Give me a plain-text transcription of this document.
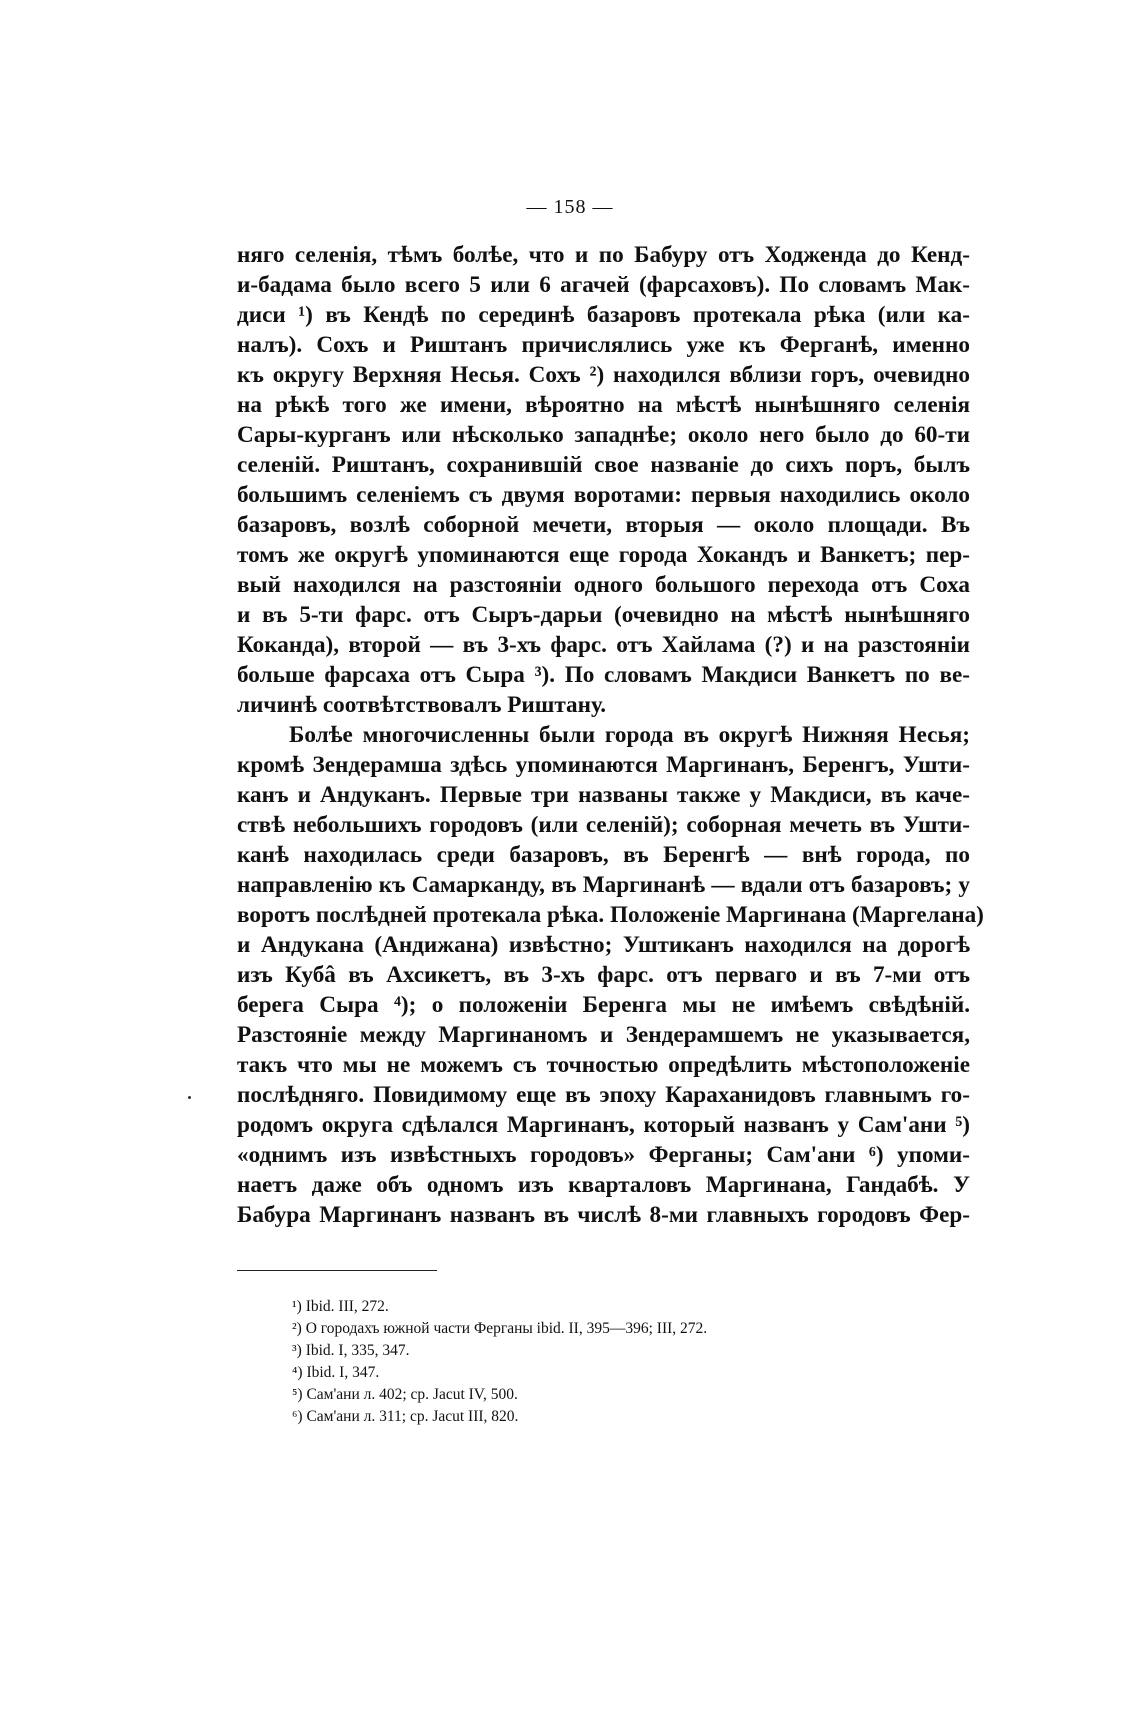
— 158 —
няго селенія, тѣмъ болѣе, что и по Бабуру отъ Ходженда до Кенд-
и-бадама было всего 5 или 6 агачей (фарсаховъ). По словамъ Мак-
диси ¹) въ Кендѣ по серединѣ базаровъ протекала рѣка (или ка-
налъ). Сохъ и Риштанъ причислялись уже къ Ферганѣ, именно
къ округу Верхняя Несья. Сохъ ²) находился вблизи горъ, очевидно
на рѣкѣ того же имени, вѣроятно на мѣстѣ нынѣшняго селенія
Сары-курганъ или нѣсколько западнѣе; около него было до 60-ти
селеній. Риштанъ, сохранившій свое названіе до сихъ поръ, былъ
большимъ селеніемъ съ двумя воротами: первыя находились около
базаровъ, возлѣ соборной мечети, вторыя — около площади. Въ
томъ же округѣ упоминаются еще города Хокандъ и Ванкетъ; пер-
вый находился на разстояніи одного большого перехода отъ Соха
и въ 5-ти фарс. отъ Сыръ-дарьи (очевидно на мѣстѣ нынѣшняго
Коканда), второй — въ 3-хъ фарс. отъ Хайлама (?) и на разстояніи
больше фарсаха отъ Сыра ³). По словамъ Макдиси Ванкетъ по ве-
личинѣ соотвѣтствовалъ Риштану.
Болѣе многочисленны были города въ округѣ Нижняя Несья;
кромѣ Зендерамша здѣсь упоминаются Маргинанъ, Беренгъ, Ушти-
канъ и Андуканъ. Первые три названы также у Макдиси, въ каче-
ствѣ небольшихъ городовъ (или селеній); соборная мечеть въ Ушти-
канѣ находилась среди базаровъ, въ Беренгѣ — внѣ города, по
направленію къ Самарканду, въ Маргинанѣ — вдали отъ базаровъ; у
воротъ послѣдней протекала рѣка. Положеніе Маргинана (Маргелана)
и Андукана (Андижана) извѣстно; Уштиканъ находился на дорогѣ
изъ Кубâ въ Ахсикетъ, въ 3-хъ фарс. отъ перваго и въ 7-ми отъ
берега Сыра ⁴); о положеніи Беренга мы не имѣемъ свѣдѣній.
Разстояніе между Маргинаномъ и Зендерамшемъ не указывается,
такъ что мы не можемъ съ точностью опредѣлить мѣстоположеніе
послѣдняго. Повидимому еще въ эпоху Караханидовъ главнымъ го-
родомъ округа сдѣлался Маргинанъ, который названъ у Сам'ани ⁵)
«однимъ изъ извѣстныхъ городовъ» Ферганы; Сам'ани ⁶) упоми-
наетъ даже объ одномъ изъ кварталовъ Маргинана, Гандабѣ. У
Бабура Маргинанъ названъ въ числѣ 8-ми главныхъ городовъ Фер-
¹) Ibid. III, 272.
²) О городахъ южной части Ферганы ibid. II, 395—396; III, 272.
³) Ibid. I, 335, 347.
⁴) Ibid. I, 347.
⁵) Сам'ани л. 402; ср. Jacut IV, 500.
⁶) Сам'ани л. 311; ср. Jacut III, 820.
